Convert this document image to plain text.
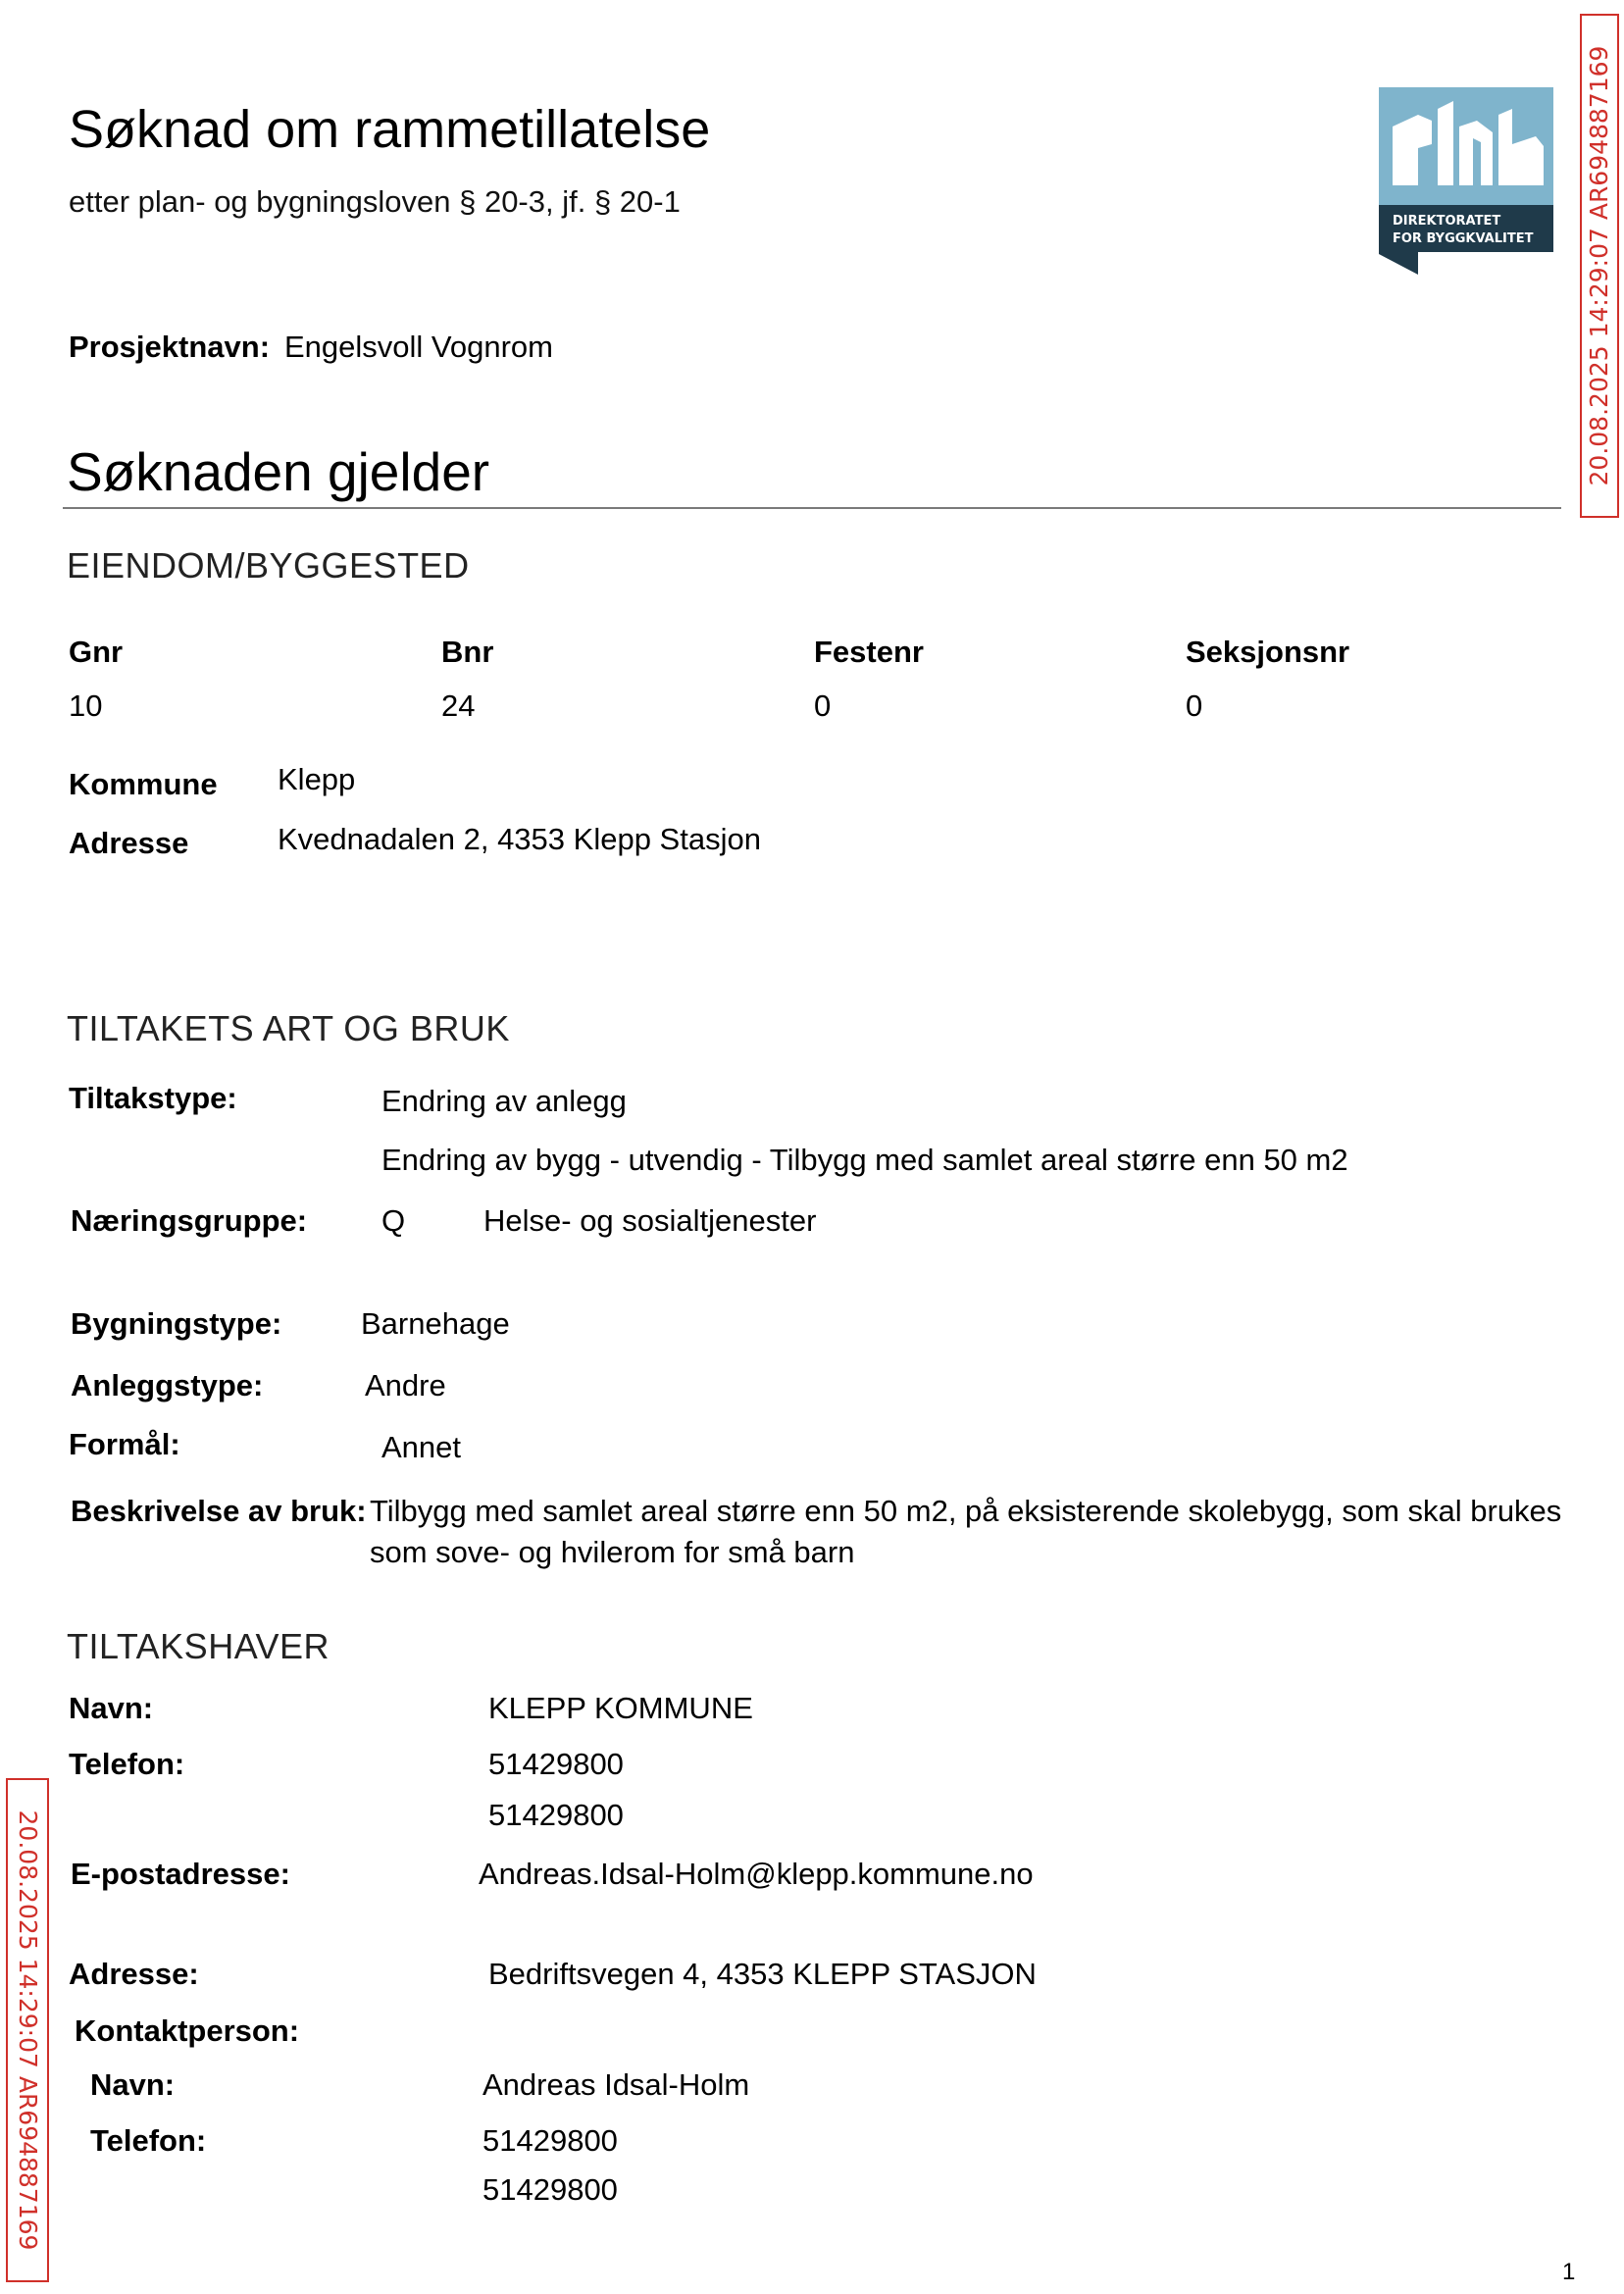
Søknad om rammetillatelse
etter plan- og bygningsloven § 20-3, jf. § 20-1
DIREKTORATET
FOR BYGGKVALITET 20.08.2025 14:29:07 AR694887169
20.08.2025 14:29:07 AR694887169
Prosjektnavn: Engelsvoll Vognrom
Søknaden gjelder
EIENDOM/BYGGESTED
Gnr	Bnr	Festenr	Seksjonsnr
10	24	0	0
Kommune Klepp
Adresse	Kvednadalen 2, 4353 Klepp Stasjon
TILTAKETS ART OG BRUK
Tiltakstype:	Endring av anlegg
Endring av bygg - utvendig - Tilbygg med samlet areal større enn 50 m2
Næringsgruppe: Q	Helse- og sosialtjenester
Bygningstype:	Barnehage
Anleggstype:	Andre
Formål:	Annet
Beskrivelse av bruk: Tilbygg med samlet areal større enn 50 m2, på eksisterende skolebygg, som skal brukes
som sove- og hvilerom for små barn
TILTAKSHAVER
Navn:	KLEPP KOMMUNE
Telefon:	51429800
51429800
E-postadresse:	Andreas.Idsal-Holm@klepp.kommune.no
Adresse:	Bedriftsvegen 4, 4353 KLEPP STASJON
Kontaktperson:
Navn:	Andreas Idsal-Holm
Telefon:	51429800
51429800
1
